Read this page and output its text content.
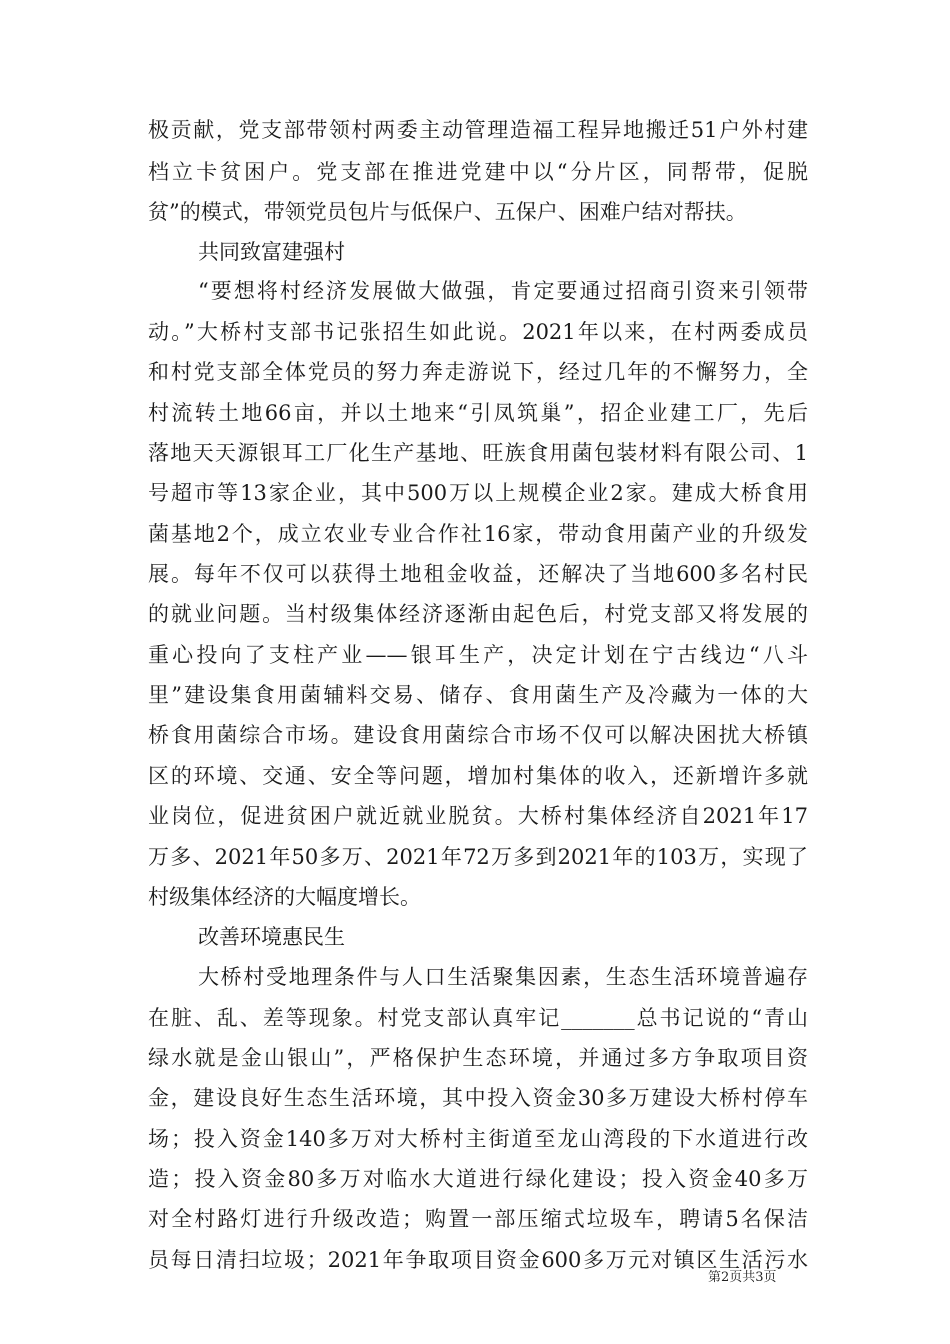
极贡献，党支部带领村两委主动管理造福工程异地搬迁51户外村建
档立卡贫困户。党支部在推进党建中以“分片区，同帮带，促脱
贫”的模式，带领党员包片与低保户、五保户、困难户结对帮扶。
共同致富建强村
“要想将村经济发展做大做强，肯定要通过招商引资来引领带
动。”大桥村支部书记张招生如此说。2021年以来，在村两委成员
和村党支部全体党员的努力奔走游说下，经过几年的不懈努力，全
村流转土地66亩，并以土地来“引凤筑巢”，招企业建工厂，先后
落地天天源银耳工厂化生产基地、旺族食用菌包装材料有限公司、1
号超市等13家企业，其中500万以上规模企业2家。建成大桥食用
菌基地2个，成立农业专业合作社16家，带动食用菌产业的升级发
展。每年不仅可以获得土地租金收益，还解决了当地600多名村民
的就业问题。当村级集体经济逐渐由起色后，村党支部又将发展的
重心投向了支柱产业——银耳生产，决定计划在宁古线边“八斗
里”建设集食用菌辅料交易、储存、食用菌生产及冷藏为一体的大
桥食用菌综合市场。建设食用菌综合市场不仅可以解决困扰大桥镇
区的环境、交通、安全等问题，增加村集体的收入，还新增许多就
业岗位，促进贫困户就近就业脱贫。大桥村集体经济自2021年17
万多、2021年50多万、2021年72万多到2021年的103万，实现了
村级集体经济的大幅度增长。
改善环境惠民生
大桥村受地理条件与人口生活聚集因素，生态生活环境普遍存
在脏、乱、差等现象。村党支部认真牢记_______总书记说的“青山
绿水就是金山银山”，严格保护生态环境，并通过多方争取项目资
金，建设良好生态生活环境，其中投入资金30多万建设大桥村停车
场；投入资金140多万对大桥村主街道至龙山湾段的下水道进行改
造；投入资金80多万对临水大道进行绿化建设；投入资金40多万
对全村路灯进行升级改造；购置一部压缩式垃圾车，聘请5名保洁
员每日清扫垃圾；2021年争取项目资金600多万元对镇区生活污水
第2页共3页
